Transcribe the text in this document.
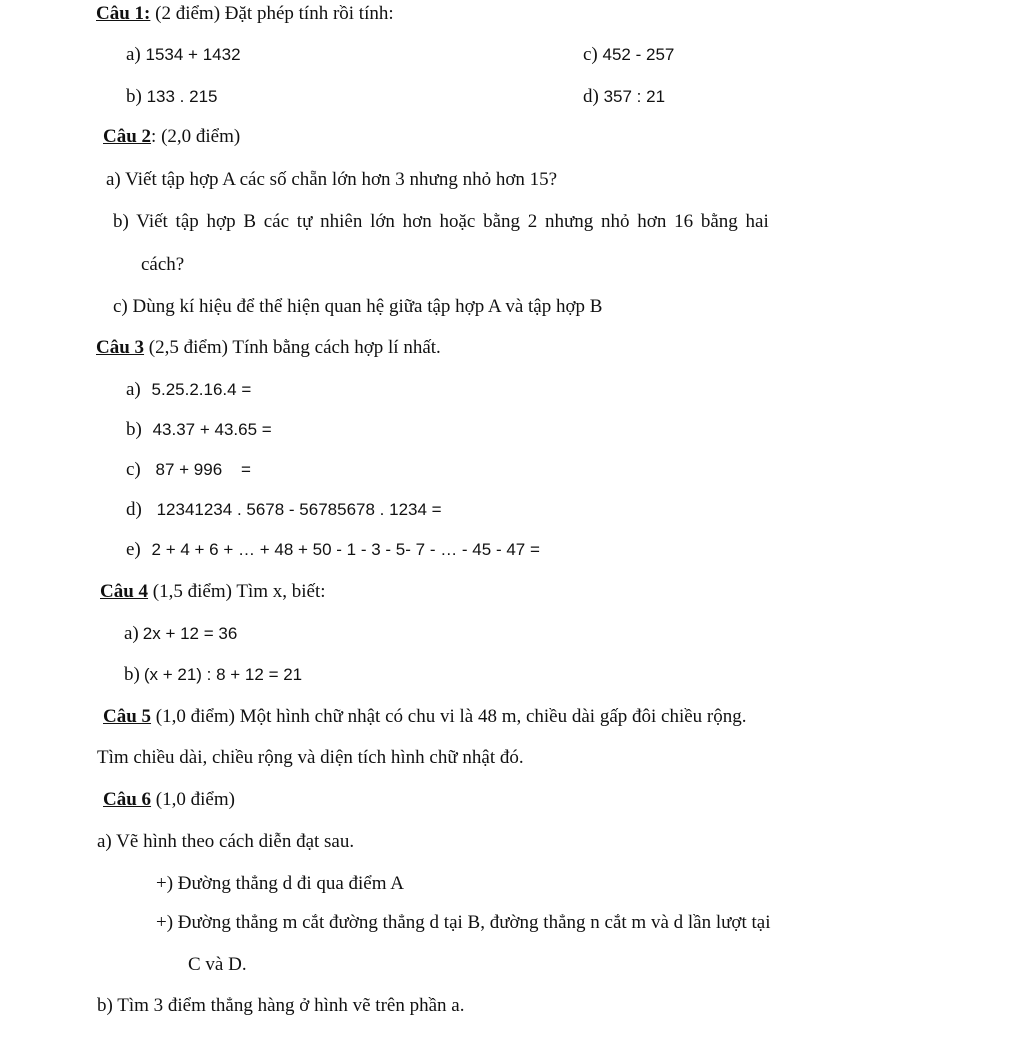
Câu 1: (2 điểm) Đặt phép tính rồi tính:
a) 1534 + 1432	c) 452 - 257
b) 133 . 215	d) 357 : 21
Câu 2: (2,0 điểm)
a) Viết tập hợp A các số chẵn lớn hơn 3 nhưng nhỏ hơn 15?
b) Viết tập hợp B các tự nhiên lớn hơn hoặc bằng 2 nhưng nhỏ hơn 16 bằng hai
cách?
c) Dùng kí hiệu để thể hiện quan hệ giữa tập hợp A và tập hợp B
Câu 3 (2,5 điểm) Tính bằng cách hợp lí nhất.
a) 5.25.2.16.4 =
b) 43.37 + 43.65 =
c) 87 + 996    =
d) 12341234 . 5678 - 56785678 . 1234 =
e) 2 + 4 + 6 + … + 48 + 50 - 1 - 3 - 5- 7 - … - 45 - 47 =
Câu 4 (1,5 điểm) Tìm x, biết:
a) 2x + 12 = 36
b) (x + 21) : 8 + 12 = 21
Câu 5 (1,0 điểm) Một hình chữ nhật có chu vi là 48 m, chiều dài gấp đôi chiều rộng.
Tìm chiều dài, chiều rộng và diện tích hình chữ nhật đó.
Câu 6 (1,0 điểm)
a) Vẽ hình theo cách diễn đạt sau.
+) Đường thẳng d đi qua điểm A
+) Đường thẳng m cắt đường thẳng d tại B, đường thẳng n cắt m và d lần lượt tại
C và D.
b) Tìm 3 điểm thẳng hàng ở hình vẽ trên phần a.
